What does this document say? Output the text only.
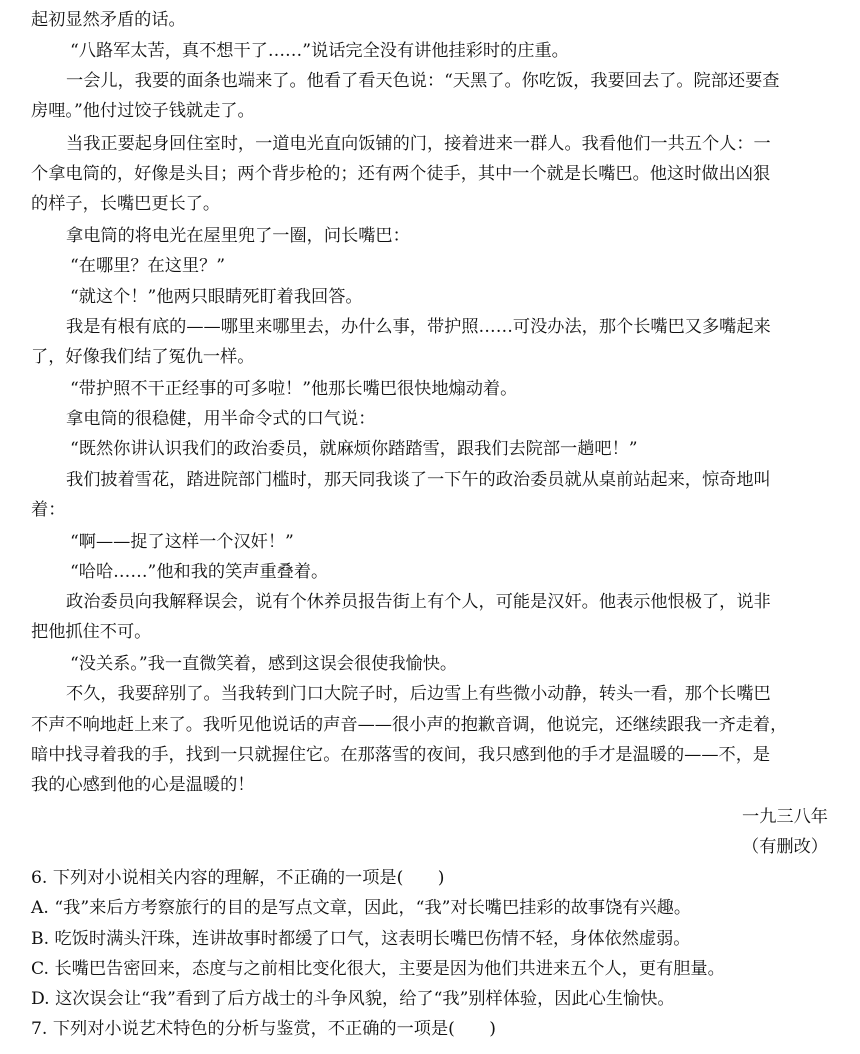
起初显然矛盾的话。
“八路军太苦，真不想干了……”说话完全没有讲他挂彩时的庄重。
一会儿，我要的面条也端来了。他看了看天色说：“天黑了。你吃饭，我要回去了。院部还要查
房哩。”他付过饺子钱就走了。
当我正要起身回住室时，一道电光直向饭铺的门，接着进来一群人。我看他们一共五个人：一
个拿电筒的，好像是头目；两个背步枪的；还有两个徒手，其中一个就是长嘴巴。他这时做出凶狠
的样子，长嘴巴更长了。
拿电筒的将电光在屋里兜了一圈，问长嘴巴：
“在哪里？在这里？”
“就这个！”他两只眼睛死盯着我回答。
我是有根有底的——哪里来哪里去，办什么事，带护照……可没办法，那个长嘴巴又多嘴起来
了，好像我们结了冤仇一样。
“带护照不干正经事的可多啦！”他那长嘴巴很快地煽动着。
拿电筒的很稳健，用半命令式的口气说：
“既然你讲认识我们的政治委员，就麻烦你踏踏雪，跟我们去院部一趟吧！”
我们披着雪花，踏进院部门槛时，那天同我谈了一下午的政治委员就从桌前站起来，惊奇地叫
着：
“啊——捉了这样一个汉奸！”
“哈哈……”他和我的笑声重叠着。
政治委员向我解释误会，说有个休养员报告街上有个人，可能是汉奸。他表示他恨极了，说非
把他抓住不可。
“没关系。”我一直微笑着，感到这误会很使我愉快。
不久，我要辞别了。当我转到门口大院子时，后边雪上有些微小动静，转头一看，那个长嘴巴
不声不响地赶上来了。我听见他说话的声音——很小声的抱歉音调，他说完，还继续跟我一齐走着，
暗中找寻着我的手，找到一只就握住它。在那落雪的夜间，我只感到他的手才是温暖的——不，是
我的心感到他的心是温暖的！
一九三八年
（有删改）
6. 下列对小说相关内容的理解，不正确的一项是(　　)
A. “我”来后方考察旅行的目的是写点文章，因此，“我”对长嘴巴挂彩的故事饶有兴趣。
B. 吃饭时满头汗珠，连讲故事时都缓了口气，这表明长嘴巴伤情不轻，身体依然虚弱。
C. 长嘴巴告密回来，态度与之前相比变化很大，主要是因为他们共进来五个人，更有胆量。
D. 这次误会让“我”看到了后方战士的斗争风貌，给了“我”别样体验，因此心生愉快。
7. 下列对小说艺术特色的分析与鉴赏，不正确的一项是(　　)
